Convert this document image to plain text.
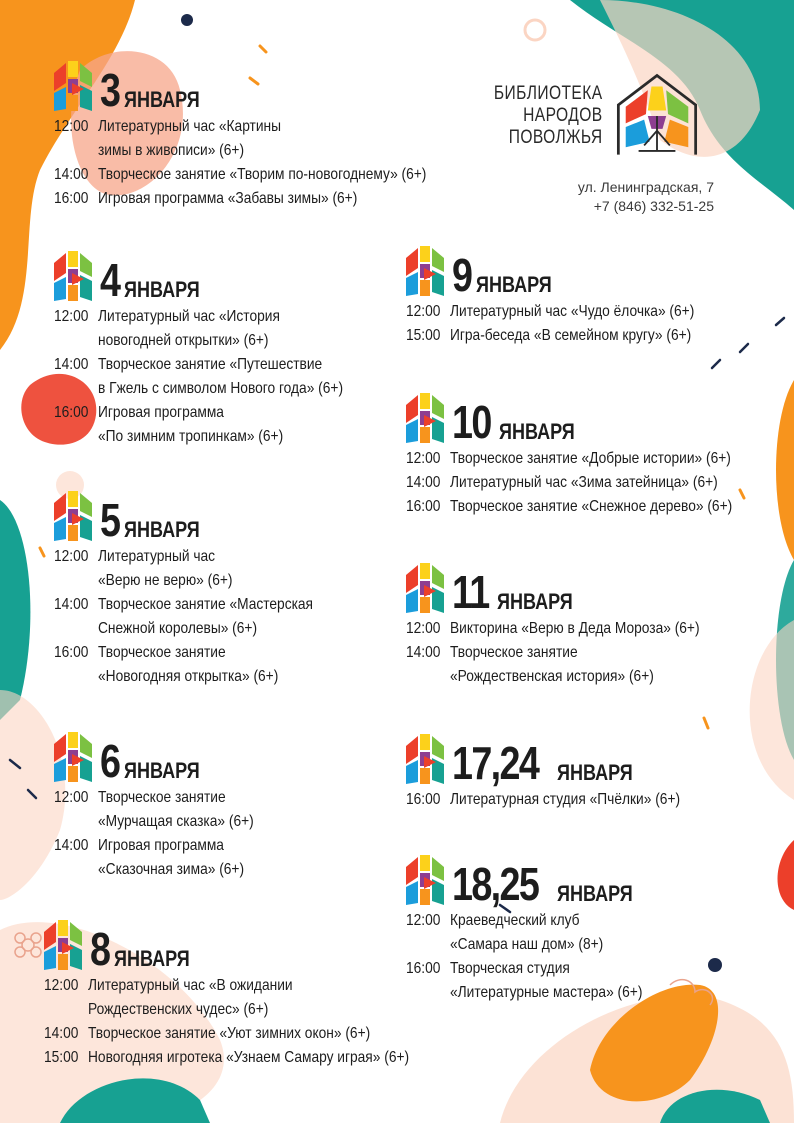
БИБЛИОТЕКА
НАРОДОВ
ПОВОЛЖЬЯ
ул. Ленинградская, 7
+7 (846) 332-51-25
3 ЯНВАРЯ
12:00 Литературный час «Картины
зимы в живописи» (6+)
14:00 Творческое занятие «Творим по-новогоднему» (6+)
16:00 Игровая программа «Забавы зимы» (6+)
4 ЯНВАРЯ
12:00 Литературный час «История
новогодней открытки» (6+)
14:00 Творческое занятие «Путешествие
в Гжель с символом Нового года» (6+)
16:00 Игровая программа
«По зимним тропинкам» (6+)
5 ЯНВАРЯ
12:00 Литературный час
«Верю не верю» (6+)
14:00 Творческое занятие «Мастерская
Снежной королевы» (6+)
16:00 Творческое занятие
«Новогодняя открытка» (6+)
6 ЯНВАРЯ
12:00 Творческое занятие
«Мурчащая сказка» (6+)
14:00 Игровая программа
«Сказочная зима» (6+)
8 ЯНВАРЯ
12:00 Литературный час «В ожидании
Рождественских чудес» (6+)
14:00 Творческое занятие «Уют зимних окон» (6+)
15:00 Новогодняя игротека «Узнаем Самару играя» (6+)
9 ЯНВАРЯ
12:00 Литературный час «Чудо ёлочка» (6+)
15:00 Игра-беседа «В семейном кругу» (6+)
10 ЯНВАРЯ
12:00 Творческое занятие «Добрые истории» (6+)
14:00 Литературный час «Зима затейница» (6+)
16:00 Творческое занятие «Снежное дерево» (6+)
11 ЯНВАРЯ
12:00 Викторина «Верю в Деда Мороза» (6+)
14:00 Творческое занятие
«Рождественская история» (6+)
17,24 ЯНВАРЯ
16:00 Литературная студия «Пчёлки» (6+)
18,25 ЯНВАРЯ
12:00 Краеведческий клуб
«Самара наш дом» (8+)
16:00 Творческая студия
«Литературные мастера» (6+)
